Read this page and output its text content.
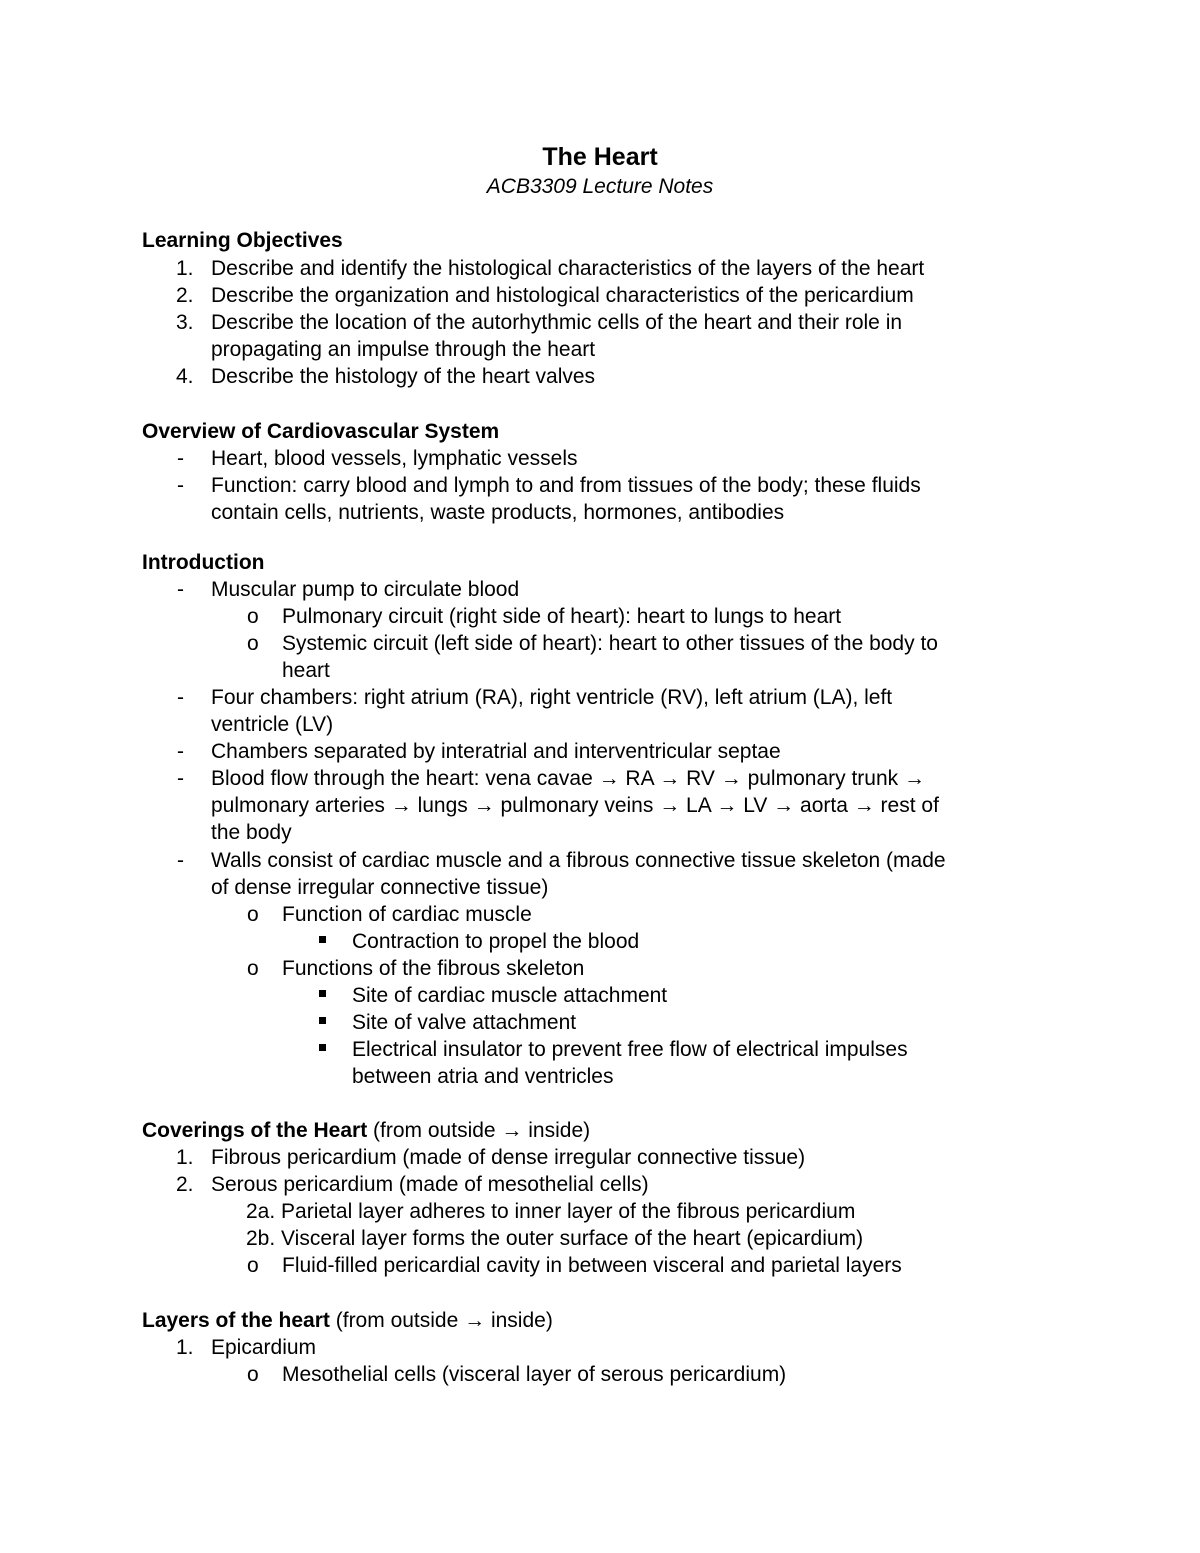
The Heart
ACB3309 Lecture Notes
Learning Objectives
1. Describe and identify the histological characteristics of the layers of the heart
2. Describe the organization and histological characteristics of the pericardium
3. Describe the location of the autorhythmic cells of the heart and their role in
propagating an impulse through the heart
4. Describe the histology of the heart valves
Overview of Cardiovascular System
- Heart, blood vessels, lymphatic vessels
- Function: carry blood and lymph to and from tissues of the body; these fluids
contain cells, nutrients, waste products, hormones, antibodies
Introduction
- Muscular pump to circulate blood
o Pulmonary circuit (right side of heart): heart to lungs to heart
o Systemic circuit (left side of heart): heart to other tissues of the body to
heart
- Four chambers: right atrium (RA), right ventricle (RV), left atrium (LA), left
ventricle (LV)
- Chambers separated by interatrial and interventricular septae
- Blood flow through the heart: vena cavae → RA → RV → pulmonary trunk →
pulmonary arteries → lungs → pulmonary veins → LA → LV → aorta → rest of
the body
- Walls consist of cardiac muscle and a fibrous connective tissue skeleton (made
of dense irregular connective tissue)
o Function of cardiac muscle
Contraction to propel the blood
o Functions of the fibrous skeleton
Site of cardiac muscle attachment
Site of valve attachment
Electrical insulator to prevent free flow of electrical impulses
between atria and ventricles
Coverings of the Heart (from outside → inside)
1. Fibrous pericardium (made of dense irregular connective tissue)
2. Serous pericardium (made of mesothelial cells)
2a. Parietal layer adheres to inner layer of the fibrous pericardium
2b. Visceral layer forms the outer surface of the heart (epicardium)
o Fluid-filled pericardial cavity in between visceral and parietal layers
Layers of the heart (from outside → inside)
1. Epicardium
o Mesothelial cells (visceral layer of serous pericardium)
